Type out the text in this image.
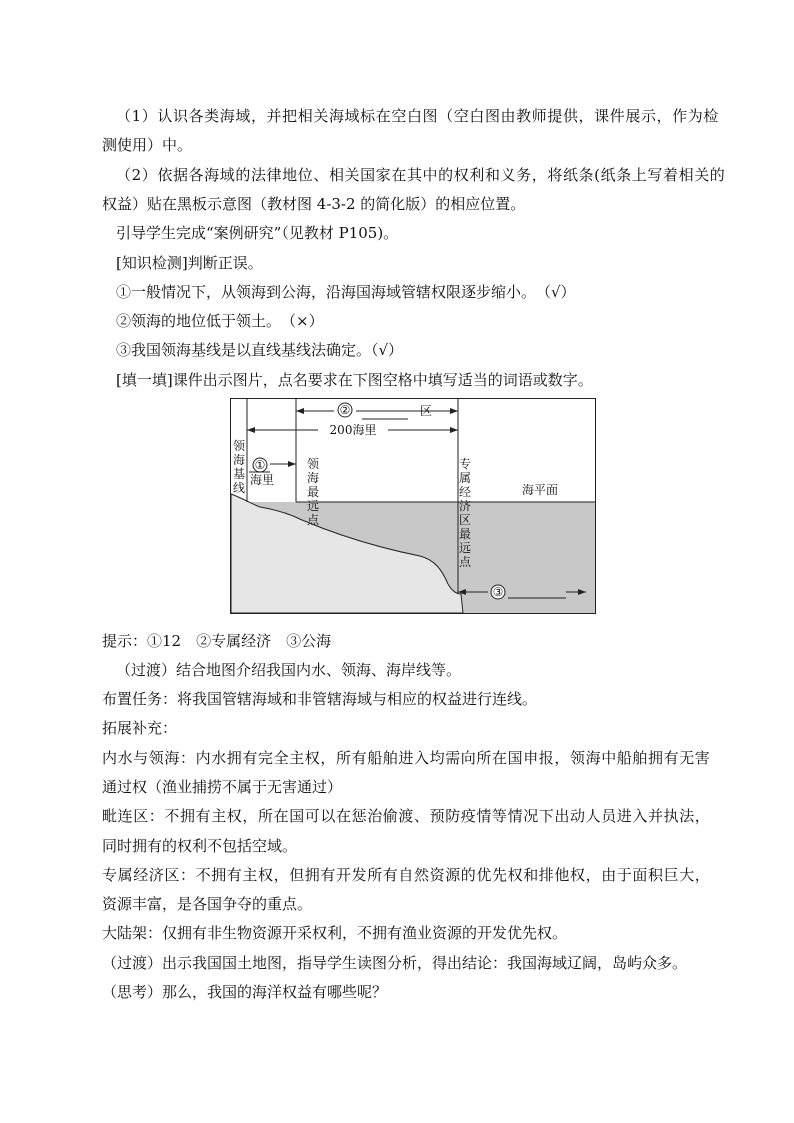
（1）认识各类海域，并把相关海域标在空白图（空白图由教师提供，课件展示，作为检
测使用）中。
（2）依据各海域的法律地位、相关国家在其中的权利和义务，将纸条(纸条上写着相关的
权益）贴在黑板示意图（教材图 4-3-2 的简化版）的相应位置。
引导学生完成“案例研究”（见教材 P105)。
[知识检测]判断正误。
①一般情况下，从领海到公海，沿海国海域管辖权限逐步缩小。　（√）
②领海的地位低于领土。　（×）
③我国领海基线是以直线基线法确定。（√）
[填一填]课件出示图片，点名要求在下图空格中填写适当的词语或数字。
②	区
200海里
①
海里
领
海
基
线
领
海
最
远
点
专
属
经
济
区
最
远
点
海平面
③
提示：①12　②专属经济　③公海
（过渡）结合地图介绍我国内水、领海、海岸线等。
布置任务：将我国管辖海域和非管辖海域与相应的权益进行连线。
拓展补充：
内水与领海：内水拥有完全主权，所有船舶进入均需向所在国申报，领海中船舶拥有无害
通过权（渔业捕捞不属于无害通过）
毗连区：不拥有主权，所在国可以在惩治偷渡、预防疫情等情况下出动人员进入并执法，
同时拥有的权利不包括空域。
专属经济区：不拥有主权，但拥有开发所有自然资源的优先权和排他权，由于面积巨大，
资源丰富，是各国争夺的重点。
大陆架：仅拥有非生物资源开采权利，不拥有渔业资源的开发优先权。
（过渡）出示我国国土地图，指导学生读图分析，得出结论：我国海域辽阔，岛屿众多。
（思考）那么，我国的海洋权益有哪些呢？
